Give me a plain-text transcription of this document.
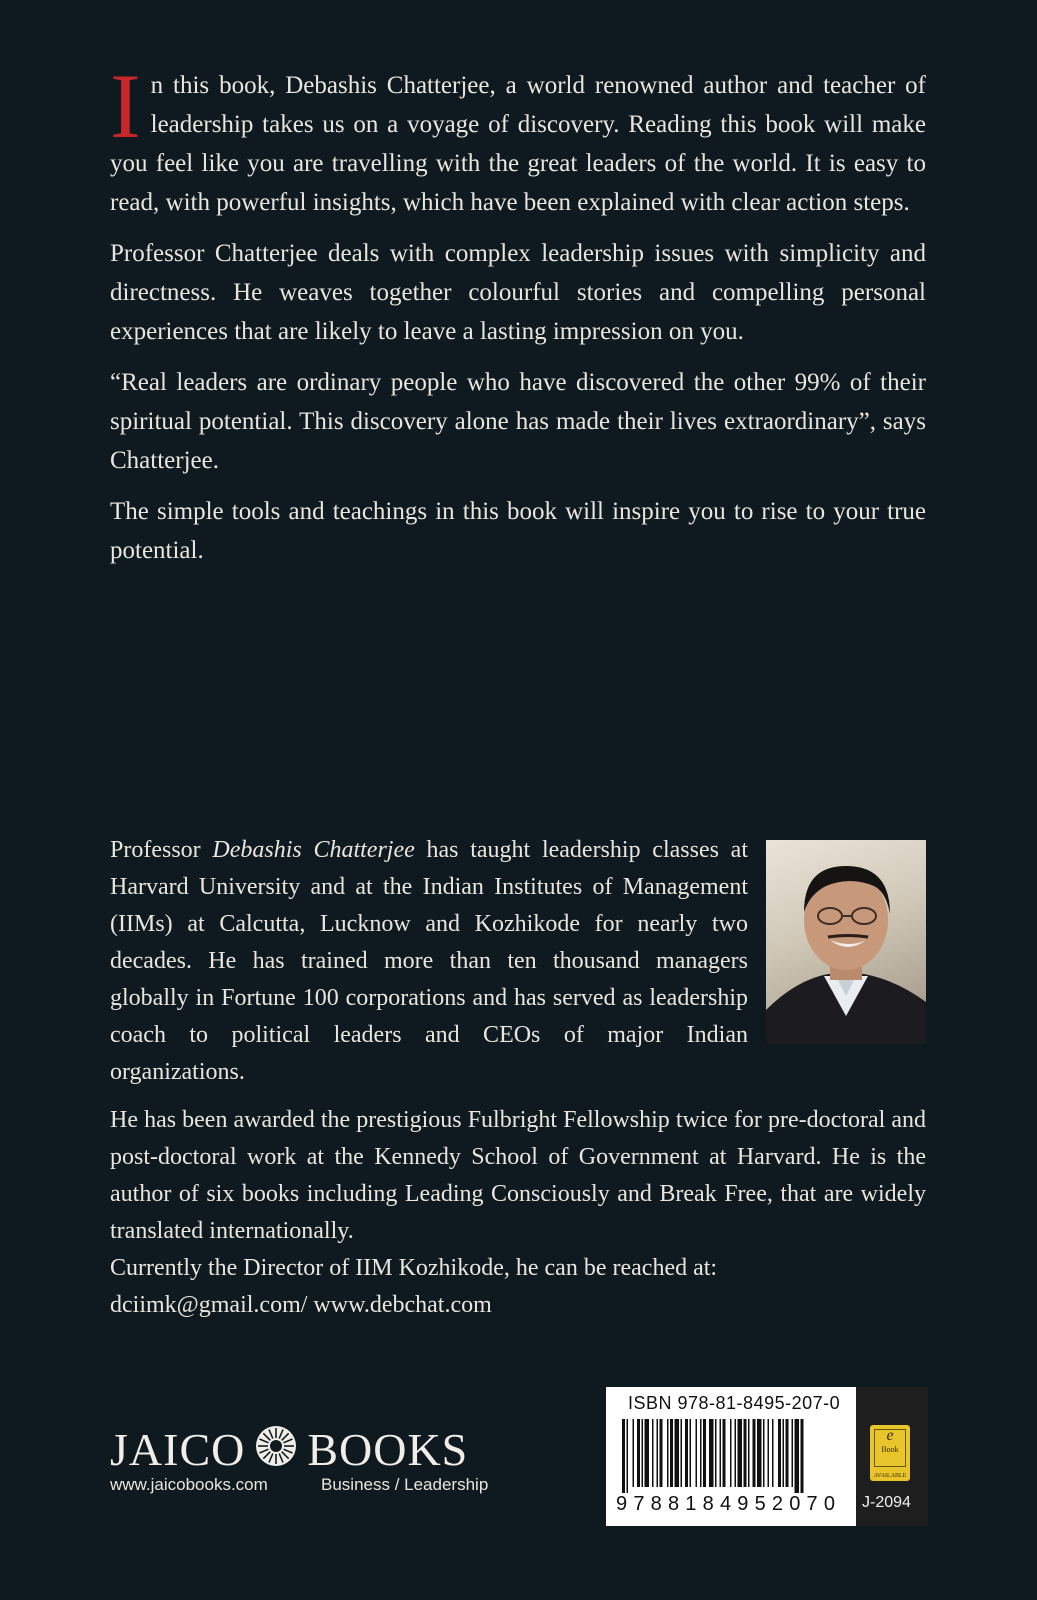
In this book, Debashis Chatterjee, a world renowned author and teacher of leadership takes us on a voyage of discovery. Reading this book will make you feel like you are travelling with the great leaders of the world. It is easy to read, with powerful insights, which have been explained with clear action steps.

Professor Chatterjee deals with complex leadership issues with simplicity and directness. He weaves together colourful stories and compelling personal experiences that are likely to leave a lasting impression on you.

“Real leaders are ordinary people who have discovered the other 99% of their spiritual potential. This discovery alone has made their lives extraordinary”, says Chatterjee.

The simple tools and teachings in this book will inspire you to rise to your true potential.

Professor Debashis Chatterjee has taught leadership classes at Harvard University and at the Indian Institutes of Management (IIMs) at Calcutta, Lucknow and Kozhikode for nearly two decades. He has trained more than ten thousand managers globally in Fortune 100 corporations and has served as leadership coach to political leaders and CEOs of major Indian organizations.

He has been awarded the prestigious Fulbright Fellowship twice for pre-doctoral and post-doctoral work at the Kennedy School of Government at Harvard. He is the author of six books including Leading Consciously and Break Free, that are widely translated internationally.

Currently the Director of IIM Kozhikode, he can be reached at:

dciimk@gmail.com/ www.debchat.com

JAICO BOOKS
www.jaicobooks.com	Business / Leadership
ISBN 978-81-8495-207-0
9788184952070
e
Book
AVAILABLE
J-2094
